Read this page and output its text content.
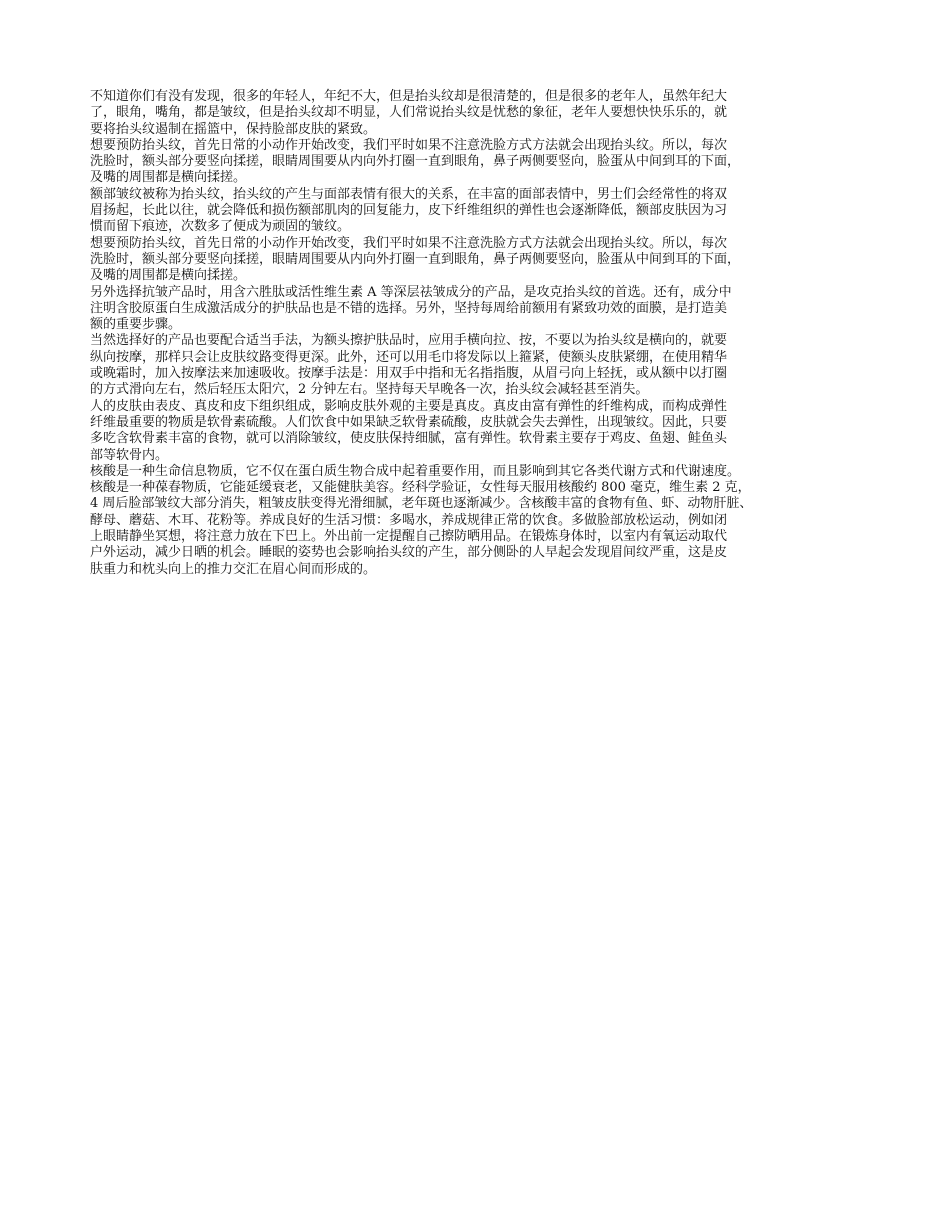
不知道你们有没有发现，很多的年轻人，年纪不大，但是抬头纹却是很清楚的，但是很多的老年人，虽然年纪大
了，眼角，嘴角，都是皱纹，但是抬头纹却不明显，人们常说抬头纹是忧愁的象征，老年人要想快快乐乐的，就
要将抬头纹遏制在摇篮中，保持脸部皮肤的紧致。

想要预防抬头纹，首先日常的小动作开始改变，我们平时如果不注意洗脸方式方法就会出现抬头纹。所以，每次
洗脸时，额头部分要竖向揉搓，眼睛周围要从内向外打圈一直到眼角，鼻子两侧要竖向，脸蛋从中间到耳的下面，
及嘴的周围都是横向揉搓。

额部皱纹被称为抬头纹，抬头纹的产生与面部表情有很大的关系，在丰富的面部表情中，男士们会经常性的将双
眉扬起，长此以往，就会降低和损伤额部肌肉的回复能力，皮下纤维组织的弹性也会逐渐降低，额部皮肤因为习
惯而留下痕迹，次数多了便成为顽固的皱纹。

想要预防抬头纹，首先日常的小动作开始改变，我们平时如果不注意洗脸方式方法就会出现抬头纹。所以，每次
洗脸时，额头部分要竖向揉搓，眼睛周围要从内向外打圈一直到眼角，鼻子两侧要竖向，脸蛋从中间到耳的下面，
及嘴的周围都是横向揉搓。

另外选择抗皱产品时，用含六胜肽或活性维生素 A 等深层祛皱成分的产品，是攻克抬头纹的首选。还有，成分中
注明含胶原蛋白生成激活成分的护肤品也是不错的选择。另外，坚持每周给前额用有紧致功效的面膜，是打造美
额的重要步骤。

当然选择好的产品也要配合适当手法，为额头擦护肤品时，应用手横向拉、按，不要以为抬头纹是横向的，就要
纵向按摩，那样只会让皮肤纹路变得更深。此外，还可以用毛巾将发际以上箍紧，使额头皮肤紧绷，在使用精华
或晚霜时，加入按摩法来加速吸收。按摩手法是：用双手中指和无名指指腹，从眉弓向上轻抚，或从额中以打圈
的方式滑向左右，然后轻压太阳穴，2 分钟左右。坚持每天早晚各一次，抬头纹会减轻甚至消失。

人的皮肤由表皮、真皮和皮下组织组成，影响皮肤外观的主要是真皮。真皮由富有弹性的纤维构成，而构成弹性
纤维最重要的物质是软骨素硫酸。人们饮食中如果缺乏软骨素硫酸，皮肤就会失去弹性，出现皱纹。因此，只要
多吃含软骨素丰富的食物，就可以消除皱纹，使皮肤保持细腻，富有弹性。软骨素主要存于鸡皮、鱼翅、鲑鱼头
部等软骨内。

核酸是一种生命信息物质，它不仅在蛋白质生物合成中起着重要作用，而且影响到其它各类代谢方式和代谢速度。
核酸是一种葆春物质，它能延缓衰老，又能健肤美容。经科学验证，女性每天服用核酸约 800 毫克，维生素 2 克，
4 周后脸部皱纹大部分消失，粗皱皮肤变得光滑细腻，老年斑也逐渐减少。含核酸丰富的食物有鱼、虾、动物肝脏、
酵母、蘑菇、木耳、花粉等。养成良好的生活习惯：多喝水，养成规律正常的饮食。多做脸部放松运动，例如闭
上眼睛静坐冥想，将注意力放在下巴上。外出前一定提醒自己擦防晒用品。在锻炼身体时，以室内有氧运动取代
户外运动，减少日晒的机会。睡眠的姿势也会影响抬头纹的产生，部分侧卧的人早起会发现眉间纹严重，这是皮
肤重力和枕头向上的推力交汇在眉心间而形成的。
